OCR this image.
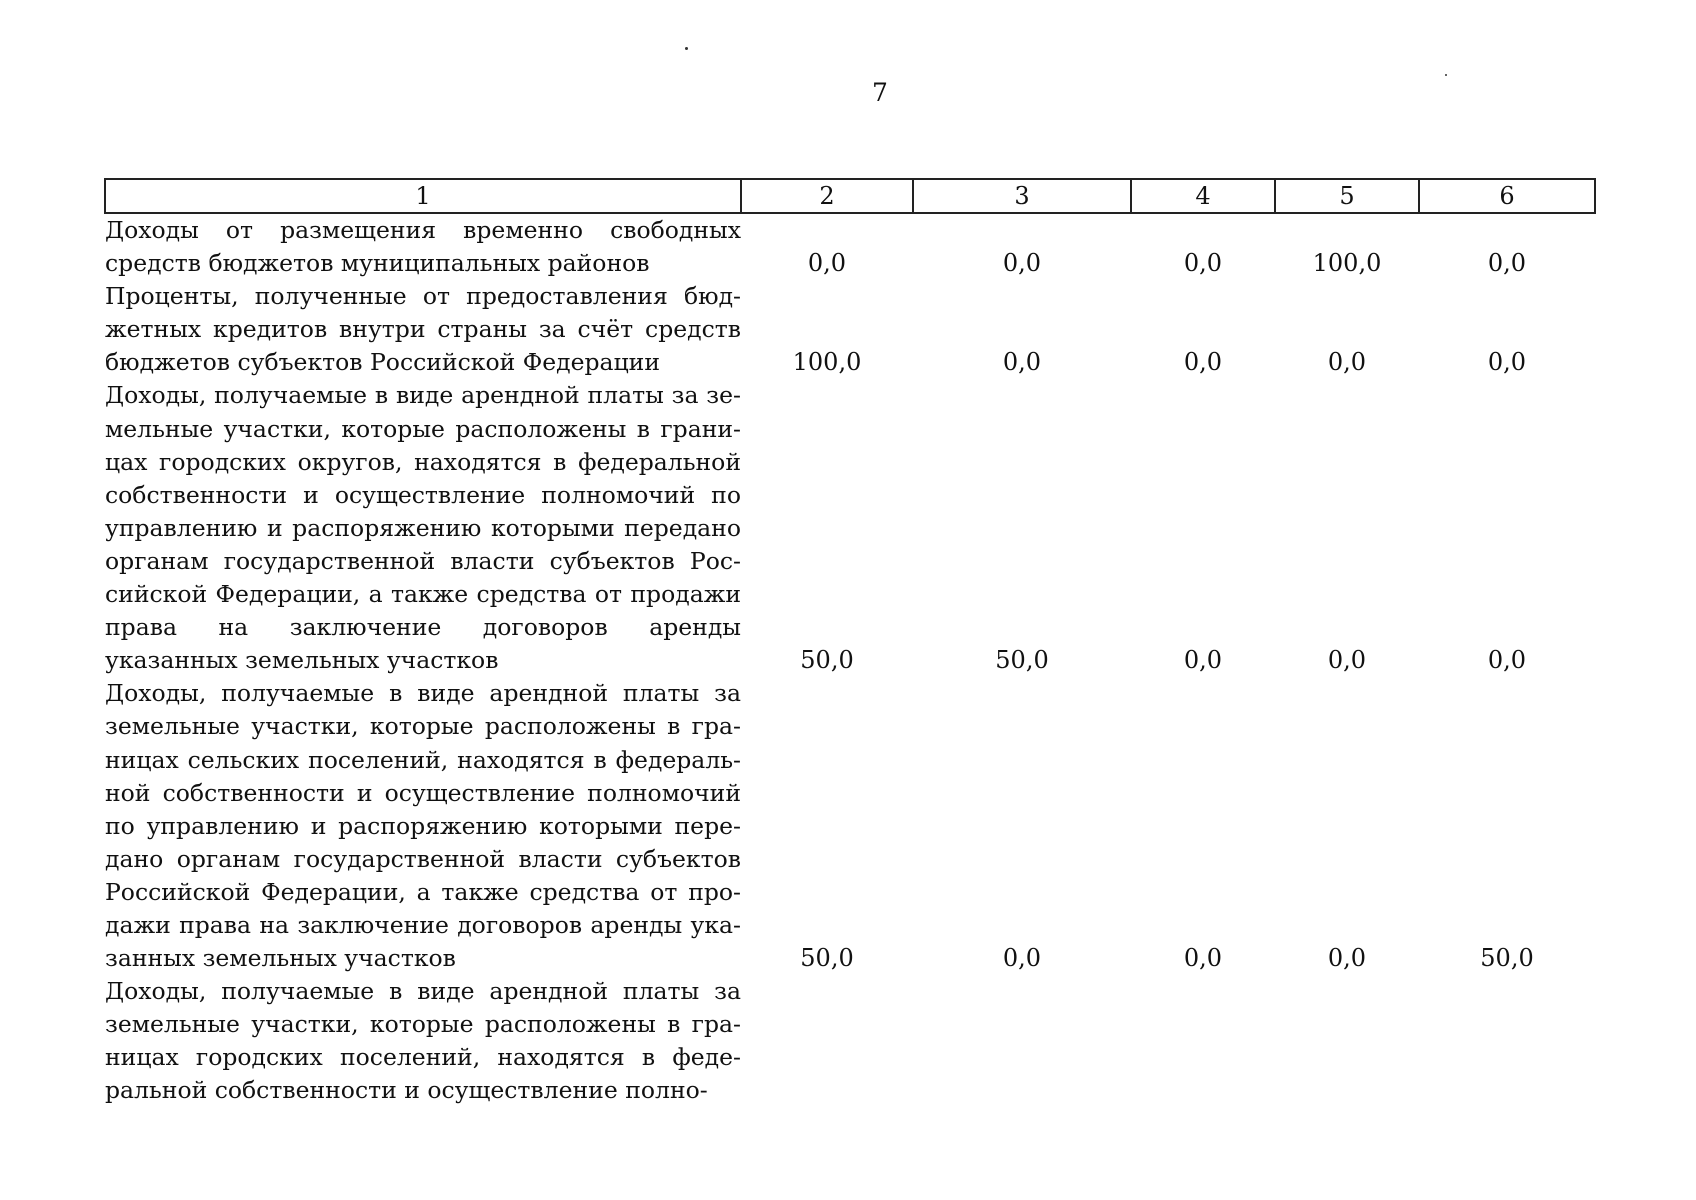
7
1	2	3	4	5	6
Доходы от размещения временно свободных средств бюджетов муниципальных районов	0,0	0,0	0,0	100,0	0,0
Проценты, полученные от предоставления бюджетных кредитов внутри страны за счёт средств бюджетов субъектов Российской Федерации	100,0	0,0	0,0	0,0	0,0
Доходы, получаемые в виде арендной платы за земельные участки, которые расположены в границах городских округов, находятся в федеральной собственности и осуществление полномочий по управлению и распоряжению которыми передано органам государственной власти субъектов Российской Федерации, а также средства от продажи права на заключение договоров аренды указанных земельных участков	50,0	50,0	0,0	0,0	0,0
Доходы, получаемые в виде арендной платы за земельные участки, которые расположены в границах сельских поселений, находятся в федеральной собственности и осуществление полномочий по управлению и распоряжению которыми передано органам государственной власти субъектов Российской Федерации, а также средства от продажи права на заключение договоров аренды указанных земельных участков	50,0	0,0	0,0	0,0	50,0
Доходы, получаемые в виде арендной платы за земельные участки, которые расположены в границах городских поселений, находятся в федеральной собственности и осуществление полно-					
